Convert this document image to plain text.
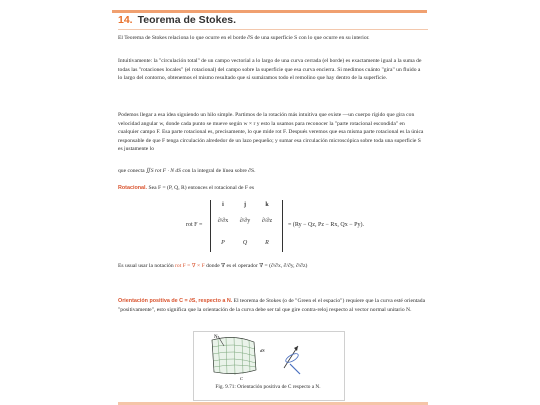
14. Teorema de Stokes.

El Teorema de Stokes relaciona lo que ocurre en el borde ∂S de una superficie S con lo que ocurre en su interior.

Intuitivamente: la "circulación total" de un campo vectorial a lo largo de una curva cerrada (el borde) es exactamente igual a la suma de todas las "rotaciones locales" (el rotacional) del campo sobre la superficie que esa curva encierra. Si medimos cuánto "gira" un fluido a lo largo del contorno, obtenemos el mismo resultado que si sumáramos todo el remolino que hay dentro de la superficie.

Podemos llegar a esa idea siguiendo un hilo simple. Partimos de la rotación más intuitiva que existe —un cuerpo rígido que gira con velocidad angular w, donde cada punto se mueve según w × r y esto la usamos para reconocer la "parte rotacional escondida" en cualquier campo F. Esa parte rotacional es, precisamente, lo que mide rot F. Después veremos que esa misma parte rotacional es la única responsable de que F tenga circulación alrededor de un lazo pequeño; y sumar esa circulación microscópica sobre toda una superficie S es justamente lo

que conecta ∬S rot F · N dS con la integral de línea sobre ∂S.

Rotacional. Sea F = (P, Q, R) entonces el rotacional de F es

rot F =
i	j	k
∂/∂x	∂/∂y	∂/∂z
P	Q	R
= (Ry − Qz, Pz − Rx, Qx − Py).

Es usual usar la notación rot F = ∇ × F donde ∇ es el operador ∇ = (∂/∂x, ∂/∂y, ∂/∂z)

Orientación positiva de C = ∂S, respecto a N. El teorema de Stokes (o de "Green el el espacio") requiere que la curva esté orientada "positivamente", esto significa que la orientación de la curva debe ser tal que gire contra-reloj respecto al vector normal unitario N.

N
dS
C
Fig. 9.71: Orientación positiva de C respecto a N.
